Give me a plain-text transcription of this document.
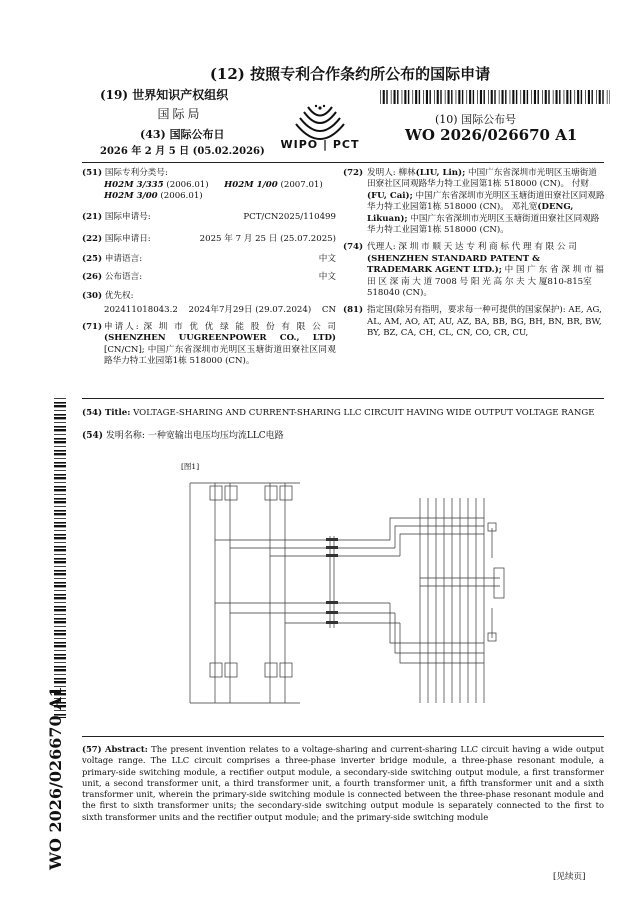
(12) 按照专利合作条约所公布的国际申请
(19) 世界知识产权组织
国际局
(43) 国际公布日
2026 年 2 月 5 日 (05.02.2026)
WIPO | PCT
(10) 国际公布号
WO 2026/026670 A1
(51) 国际专利分类号:
H02M 3/335 (2006.01) H02M 1/00 (2007.01)
H02M 3/00 (2006.01)
(21) 国际申请号:	PCT/CN2025/110499
(22) 国际申请日:	2025 年 7 月 25 日 (25.07.2025)
(25) 申请语言:	中文
(26) 公布语言:	中文
(30) 优先权:
202411018043.2 2024年7月29日 (29.07.2024) CN
(71) 申请人: 深 圳 市 优 优 绿 能 股 份 有 限 公 司 (SHENZHEN UUGREENPOWER CO., LTD) [CN/CN]; 中国广东省深圳市光明区玉塘街道田寮社区同观路华力特工业园第1栋 518000 (CN)。
(72) 发明人: 柳林(LIU, Lin); 中国广东省深圳市光明区玉塘街道田寮社区同观路华力特工业园第1栋 518000 (CN)。 付财(FU, Cai); 中国广东省深圳市光明区玉塘街道田寮社区同观路华力特工业园第1栋 518000 (CN)。 邓礼宽(DENG, Likuan); 中国广东省深圳市光明区玉塘街道田寮社区同观路华力特工业园第1栋 518000 (CN)。
(74) 代理人: 深 圳 市 顺 天 达 专 利 商 标 代 理 有 限 公 司 (SHENZHEN STANDARD PATENT & TRADEMARK AGENT LTD.); 中 国 广 东 省 深 圳 市 福 田 区 深 南 大 道 7008 号 阳 光 高 尔 夫 大 厦810-815室 518040 (CN)。
(81) 指定国(除另有指明，要求每一种可提供的国家保护): AE, AG, AL, AM, AO, AT, AU, AZ, BA, BB, BG, BH, BN, BR, BW, BY, BZ, CA, CH, CL, CN, CO, CR, CU,
WO 2026/026670 A1
(54) Title: VOLTAGE-SHARING AND CURRENT-SHARING LLC CIRCUIT HAVING WIDE OUTPUT VOLTAGE RANGE
(54) 发明名称: 一种宽输出电压均压均流LLC电路
[图1]
(57) Abstract: The present invention relates to a voltage-sharing and current-sharing LLC circuit having a wide output voltage range. The LLC circuit comprises a three-phase inverter bridge module, a three-phase resonant module, a primary-side switching module, a rectifier output module, a secondary-side switching output module, a first transformer unit, a second transformer unit, a third transformer unit, a fourth transformer unit, a fifth transformer unit and a sixth transformer unit, wherein the primary-side switching module is connected between the three-phase resonant module and the first to sixth transformer units; the secondary-side switching output module is separately connected to the first to sixth transformer units and the rectifier output module; and the primary-side switching module
[见续页]
